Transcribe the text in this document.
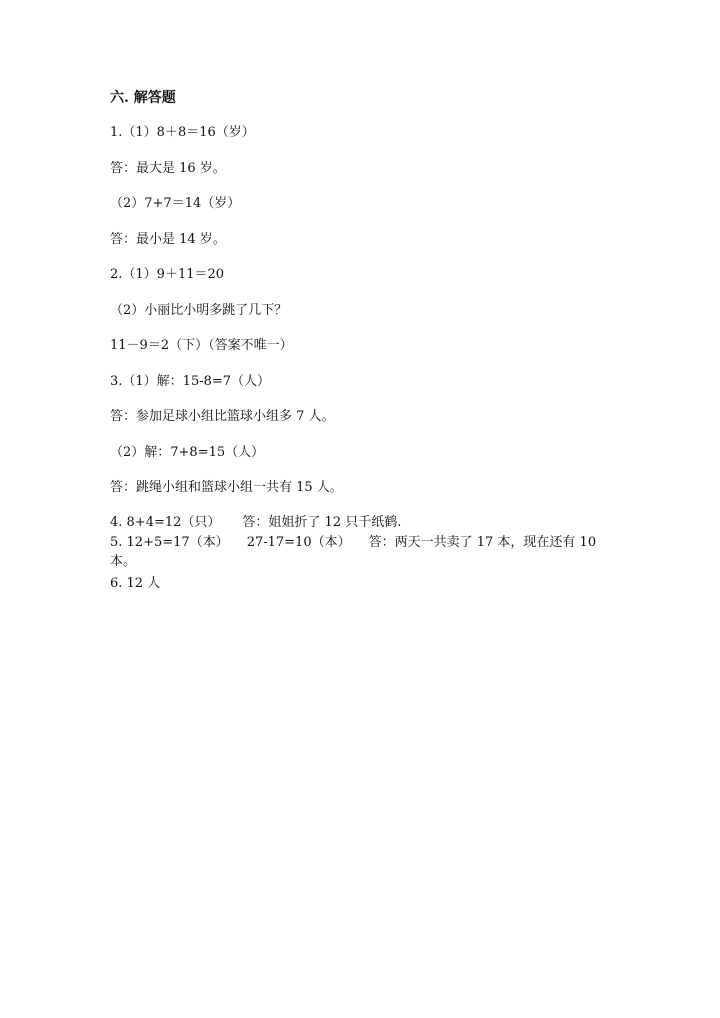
六. 解答题

1.（1）8＋8＝16（岁）

答：最大是 16 岁。

（2）7+7＝14（岁）

答：最小是 14 岁。

2.（1）9＋11＝20

（2）小丽比小明多跳了几下？

11－9＝2（下）（答案不唯一）

3.（1）解：15-8=7（人）

答：参加足球小组比篮球小组多 7 人。

（2）解：7+8=15（人）

答：跳绳小组和篮球小组一共有 15 人。

4. 8+4=12（只） 答：姐姐折了 12 只千纸鹤.

5. 12+5=17（本） 27-17=10（本） 答：两天一共卖了 17 本，现在还有 10

本。

6. 12 人
